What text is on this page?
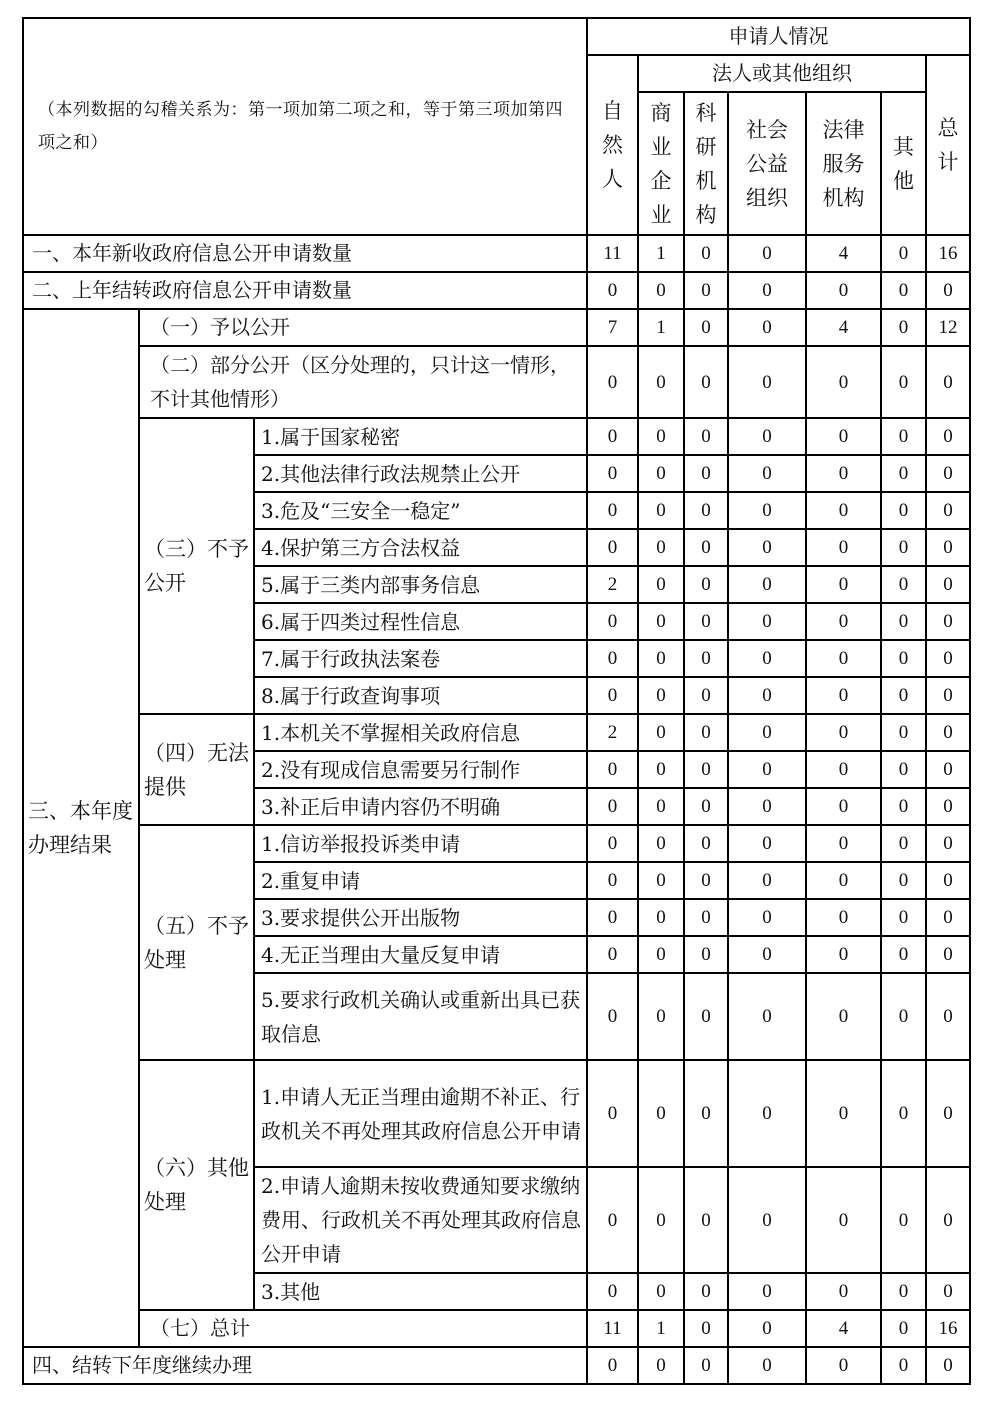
（本列数据的勾稽关系为：第一项加第二项之和，等于第三项加第四项之和）			申请人情况						
			自然人	法人或其他组织					总计
				商业企业	科研机构	社会公益组织	法律服务机构	其他	
一、本年新收政府信息公开申请数量			11	1	0	0	4	0	16
二、上年结转政府信息公开申请数量			0	0	0	0	0	0	0
三、本年度办理结果	（一）予以公开		7	1	0	0	4	0	12
	（二）部分公开（区分处理的，只计这一情形，不计其他情形）		0	0	0	0	0	0	0
	（三）不予公开	1.属于国家秘密	0	0	0	0	0	0	0
		2.其他法律行政法规禁止公开	0	0	0	0	0	0	0
		3.危及“三安全一稳定”	0	0	0	0	0	0	0
		4.保护第三方合法权益	0	0	0	0	0	0	0
		5.属于三类内部事务信息	2	0	0	0	0	0	0
		6.属于四类过程性信息	0	0	0	0	0	0	0
		7.属于行政执法案卷	0	0	0	0	0	0	0
		8.属于行政查询事项	0	0	0	0	0	0	0
	（四）无法提供	1.本机关不掌握相关政府信息	2	0	0	0	0	0	0
		2.没有现成信息需要另行制作	0	0	0	0	0	0	0
		3.补正后申请内容仍不明确	0	0	0	0	0	0	0
	（五）不予处理	1.信访举报投诉类申请	0	0	0	0	0	0	0
		2.重复申请	0	0	0	0	0	0	0
		3.要求提供公开出版物	0	0	0	0	0	0	0
		4.无正当理由大量反复申请	0	0	0	0	0	0	0
		5.要求行政机关确认或重新出具已获取信息	0	0	0	0	0	0	0
	（六）其他处理	1.申请人无正当理由逾期不补正、行政机关不再处理其政府信息公开申请	0	0	0	0	0	0	0
		2.申请人逾期未按收费通知要求缴纳费用、行政机关不再处理其政府信息公开申请	0	0	0	0	0	0	0
		3.其他	0	0	0	0	0	0	0
	（七）总计		11	1	0	0	4	0	16
四、结转下年度继续办理			0	0	0	0	0	0	0
